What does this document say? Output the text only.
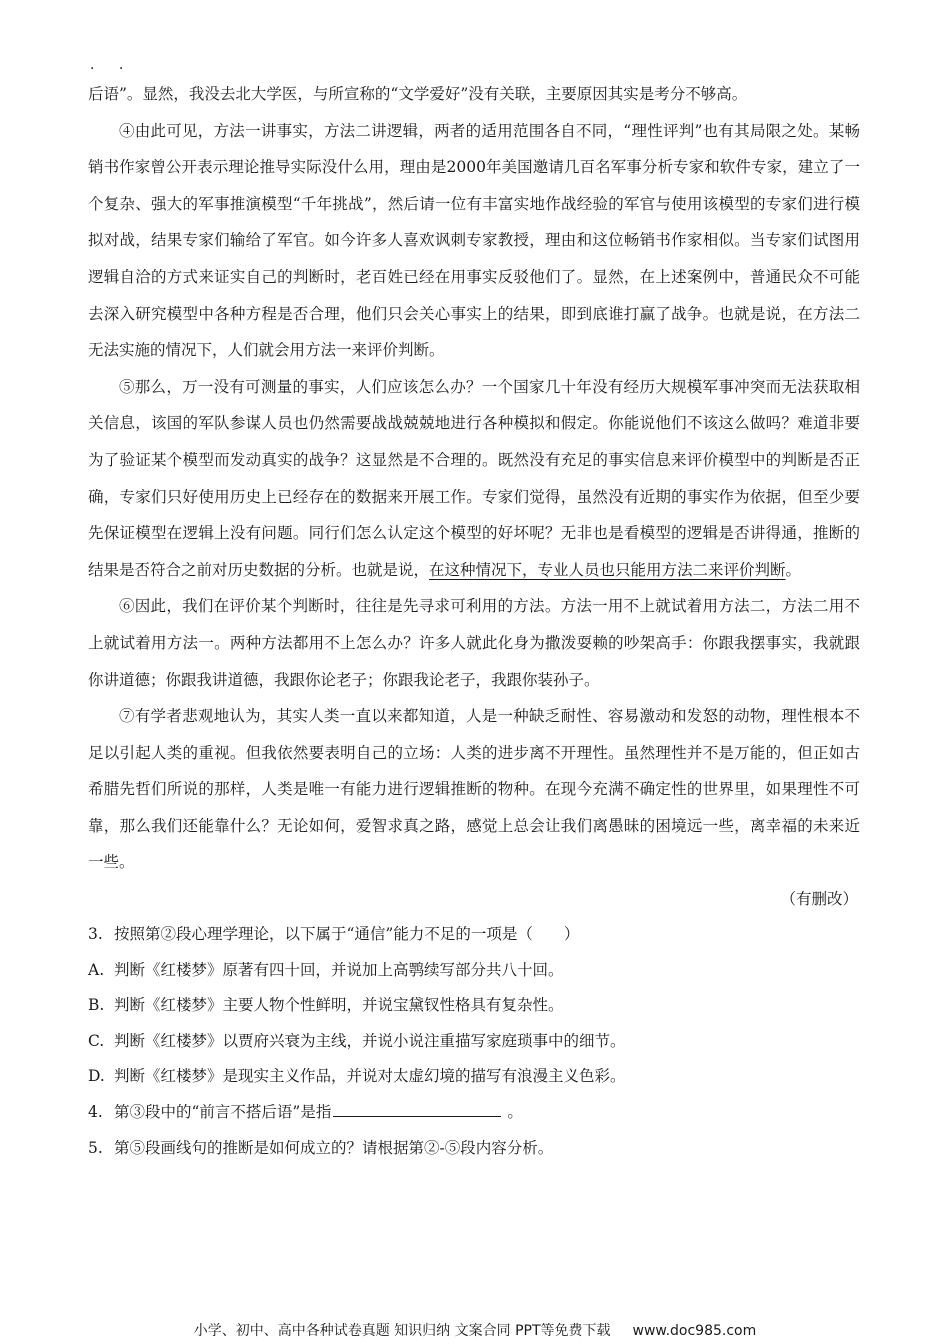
· ·

后语”。显然，我没去北大学医，与所宣称的“文学爱好”没有关联，主要原因其实是考分不够高。

④由此可见，方法一讲事实，方法二讲逻辑，两者的适用范围各自不同，“理性评判”也有其局限之处。某畅销书作家曾公开表示理论推导实际没什么用，理由是2000年美国邀请几百名军事分析专家和软件专家，建立了一个复杂、强大的军事推演模型“千年挑战”，然后请一位有丰富实地作战经验的军官与使用该模型的专家们进行模拟对战，结果专家们输给了军官。如今许多人喜欢讽刺专家教授，理由和这位畅销书作家相似。当专家们试图用逻辑自洽的方式来证实自己的判断时，老百姓已经在用事实反驳他们了。显然，在上述案例中，普通民众不可能去深入研究模型中各种方程是否合理，他们只会关心事实上的结果，即到底谁打赢了战争。也就是说，在方法二无法实施的情况下，人们就会用方法一来评价判断。

⑤那么，万一没有可测量的事实，人们应该怎么办？一个国家几十年没有经历大规模军事冲突而无法获取相关信息，该国的军队参谋人员也仍然需要战战兢兢地进行各种模拟和假定。你能说他们不该这么做吗？难道非要为了验证某个模型而发动真实的战争？这显然是不合理的。既然没有充足的事实信息来评价模型中的判断是否正确，专家们只好使用历史上已经存在的数据来开展工作。专家们觉得，虽然没有近期的事实作为依据，但至少要先保证模型在逻辑上没有问题。同行们怎么认定这个模型的好坏呢？无非也是看模型的逻辑是否讲得通，推断的结果是否符合之前对历史数据的分析。也就是说，在这种情况下，专业人员也只能用方法二来评价判断。

⑥因此，我们在评价某个判断时，往往是先寻求可利用的方法。方法一用不上就试着用方法二，方法二用不上就试着用方法一。两种方法都用不上怎么办？许多人就此化身为撒泼耍赖的吵架高手：你跟我摆事实，我就跟你讲道德；你跟我讲道德，我跟你论老子；你跟我论老子，我跟你装孙子。

⑦有学者悲观地认为，其实人类一直以来都知道，人是一种缺乏耐性、容易激动和发怒的动物，理性根本不足以引起人类的重视。但我依然要表明自己的立场：人类的进步离不开理性。虽然理性并不是万能的，但正如古希腊先哲们所说的那样，人类是唯一有能力进行逻辑推断的物种。在现今充满不确定性的世界里，如果理性不可靠，那么我们还能靠什么？无论如何，爱智求真之路，感觉上总会让我们离愚昧的困境远一些，离幸福的未来近一些。

（有删改）

3. 按照第②段心理学理论，以下属于“通信”能力不足的一项是（　　）

A. 判断《红楼梦》原著有四十回，并说加上高鹗续写部分共八十回。

B. 判断《红楼梦》主要人物个性鲜明，并说宝黛钗性格具有复杂性。

C. 判断《红楼梦》以贾府兴衰为主线，并说小说注重描写家庭琐事中的细节。

D. 判断《红楼梦》是现实主义作品，并说对太虚幻境的描写有浪漫主义色彩。

4. 第③段中的“前言不搭后语”是指	。

5. 第⑤段画线句的推断是如何成立的？请根据第②-⑤段内容分析。

小学、初中、高中各种试卷真题 知识归纳 文案合同 PPT等免费下载 www.doc985.com
